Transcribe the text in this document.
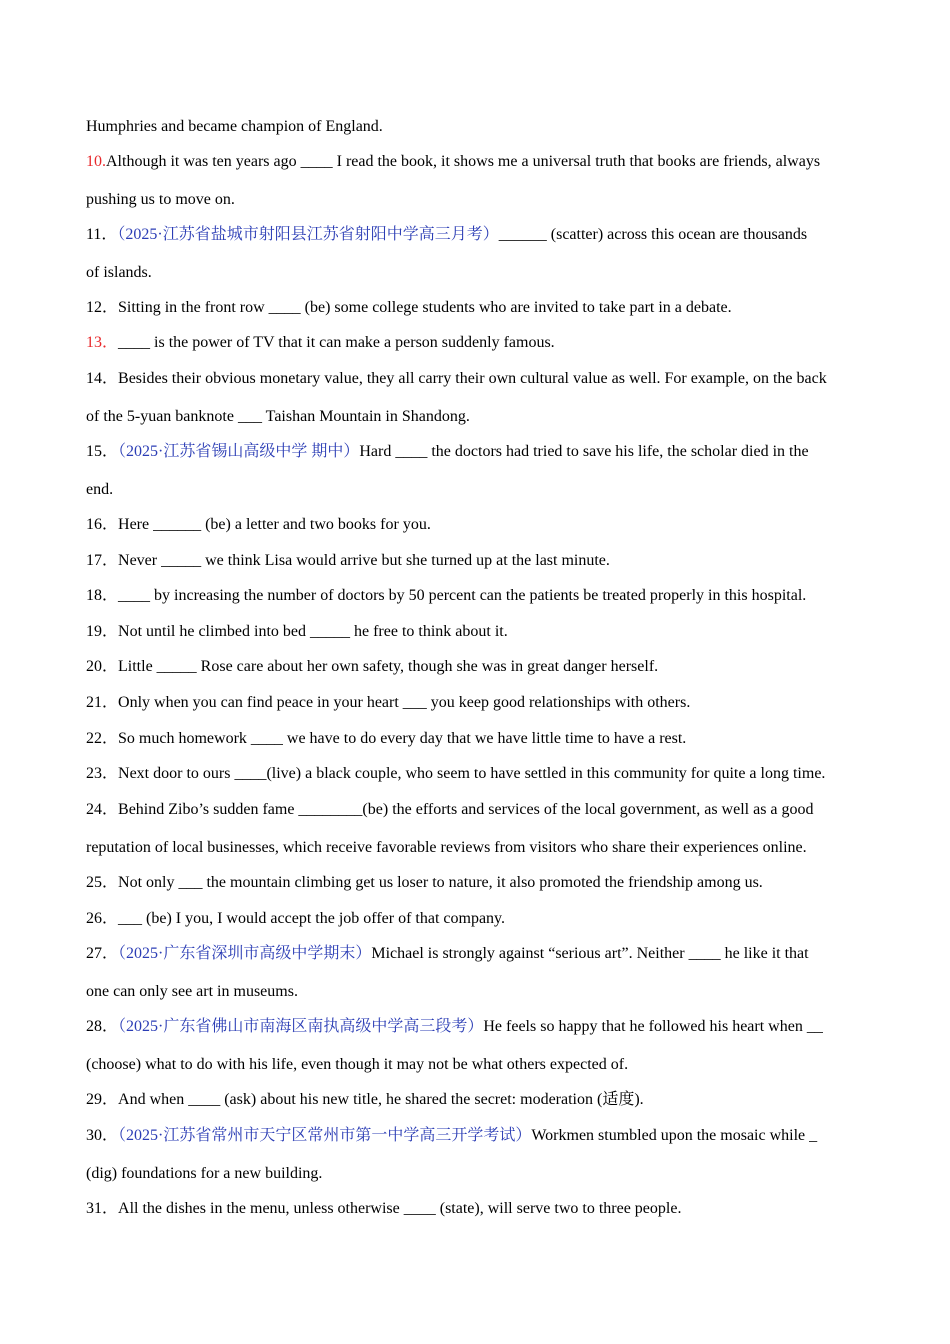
Humphries and became champion of England.
10.Although it was ten years ago ____ I read the book, it shows me a universal truth that books are friends, always
pushing us to move on.
11．（2025·江苏省盐城市射阳县江苏省射阳中学高三月考）______ (scatter) across this ocean are thousands
of islands.
12．Sitting in the front row ____ (be) some college students who are invited to take part in a debate.
13．____ is the power of TV that it can make a person suddenly famous.
14．Besides their obvious monetary value, they all carry their own cultural value as well. For example, on the back
of the 5-yuan banknote ___ Taishan Mountain in Shandong.
15．（2025·江苏省锡山高级中学 期中）Hard ____ the doctors had tried to save his life, the scholar died in the
end.
16．Here ______ (be) a letter and two books for you.
17．Never _____ we think Lisa would arrive but she turned up at the last minute.
18．____ by increasing the number of doctors by 50 percent can the patients be treated properly in this hospital.
19．Not until he climbed into bed _____ he free to think about it.
20．Little _____ Rose care about her own safety, though she was in great danger herself.
21．Only when you can find peace in your heart ___ you keep good relationships with others.
22．So much homework ____ we have to do every day that we have little time to have a rest.
23．Next door to ours ____(live) a black couple, who seem to have settled in this community for quite a long time.
24．Behind Zibo’s sudden fame ________(be) the efforts and services of the local government, as well as a good
reputation of local businesses, which receive favorable reviews from visitors who share their experiences online.
25．Not only ___ the mountain climbing get us loser to nature, it also promoted the friendship among us.
26．___ (be) I you, I would accept the job offer of that company.
27．（2025·广东省深圳市高级中学期末）Michael is strongly against “serious art”. Neither ____ he like it that
one can only see art in museums.
28．（2025·广东省佛山市南海区南执高级中学高三段考）He feels so happy that he followed his heart when __
(choose) what to do with his life, even though it may not be what others expected of.
29．And when ____ (ask) about his new title, he shared the secret: moderation (适度).
30．（2025·江苏省常州市天宁区常州市第一中学高三开学考试）Workmen stumbled upon the mosaic while _
(dig) foundations for a new building.
31．All the dishes in the menu, unless otherwise ____ (state), will serve two to three people.
